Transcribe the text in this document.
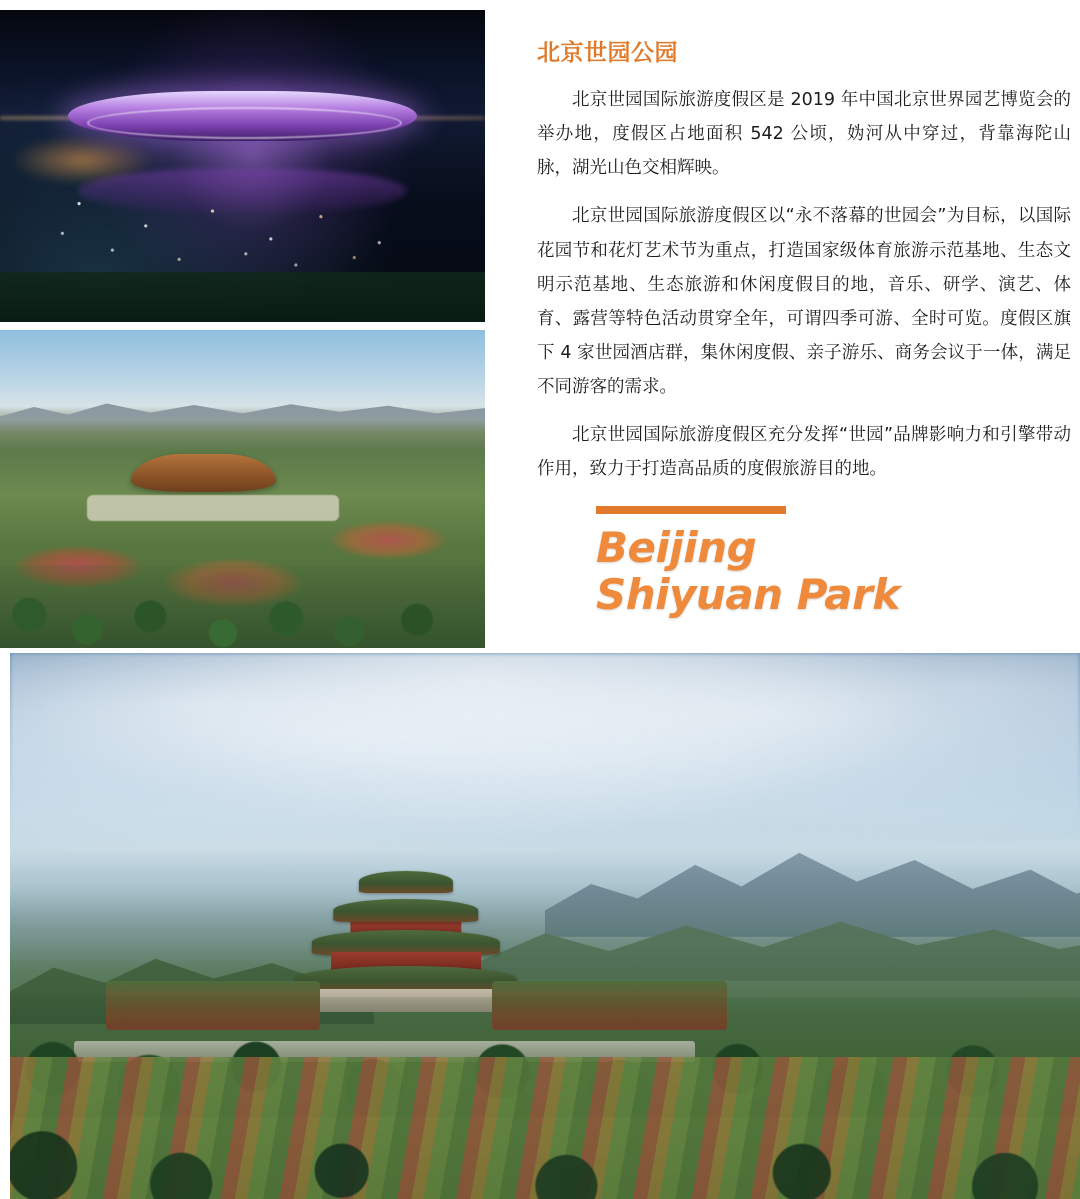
北京世园公园

北京世园国际旅游度假区是 2019 年中国北京世界园艺博览会的举办地，度假区占地面积 542 公顷，妫河从中穿过，背靠海陀山脉，湖光山色交相辉映。

北京世园国际旅游度假区以“永不落幕的世园会”为目标，以国际花园节和花灯艺术节为重点，打造国家级体育旅游示范基地、生态文明示范基地、生态旅游和休闲度假目的地，音乐、研学、演艺、体育、露营等特色活动贯穿全年，可谓四季可游、全时可览。度假区旗下 4 家世园酒店群，集休闲度假、亲子游乐、商务会议于一体，满足不同游客的需求。

北京世园国际旅游度假区充分发挥“世园”品牌影响力和引擎带动作用，致力于打造高品质的度假旅游目的地。

Beijing
Shiyuan Park
